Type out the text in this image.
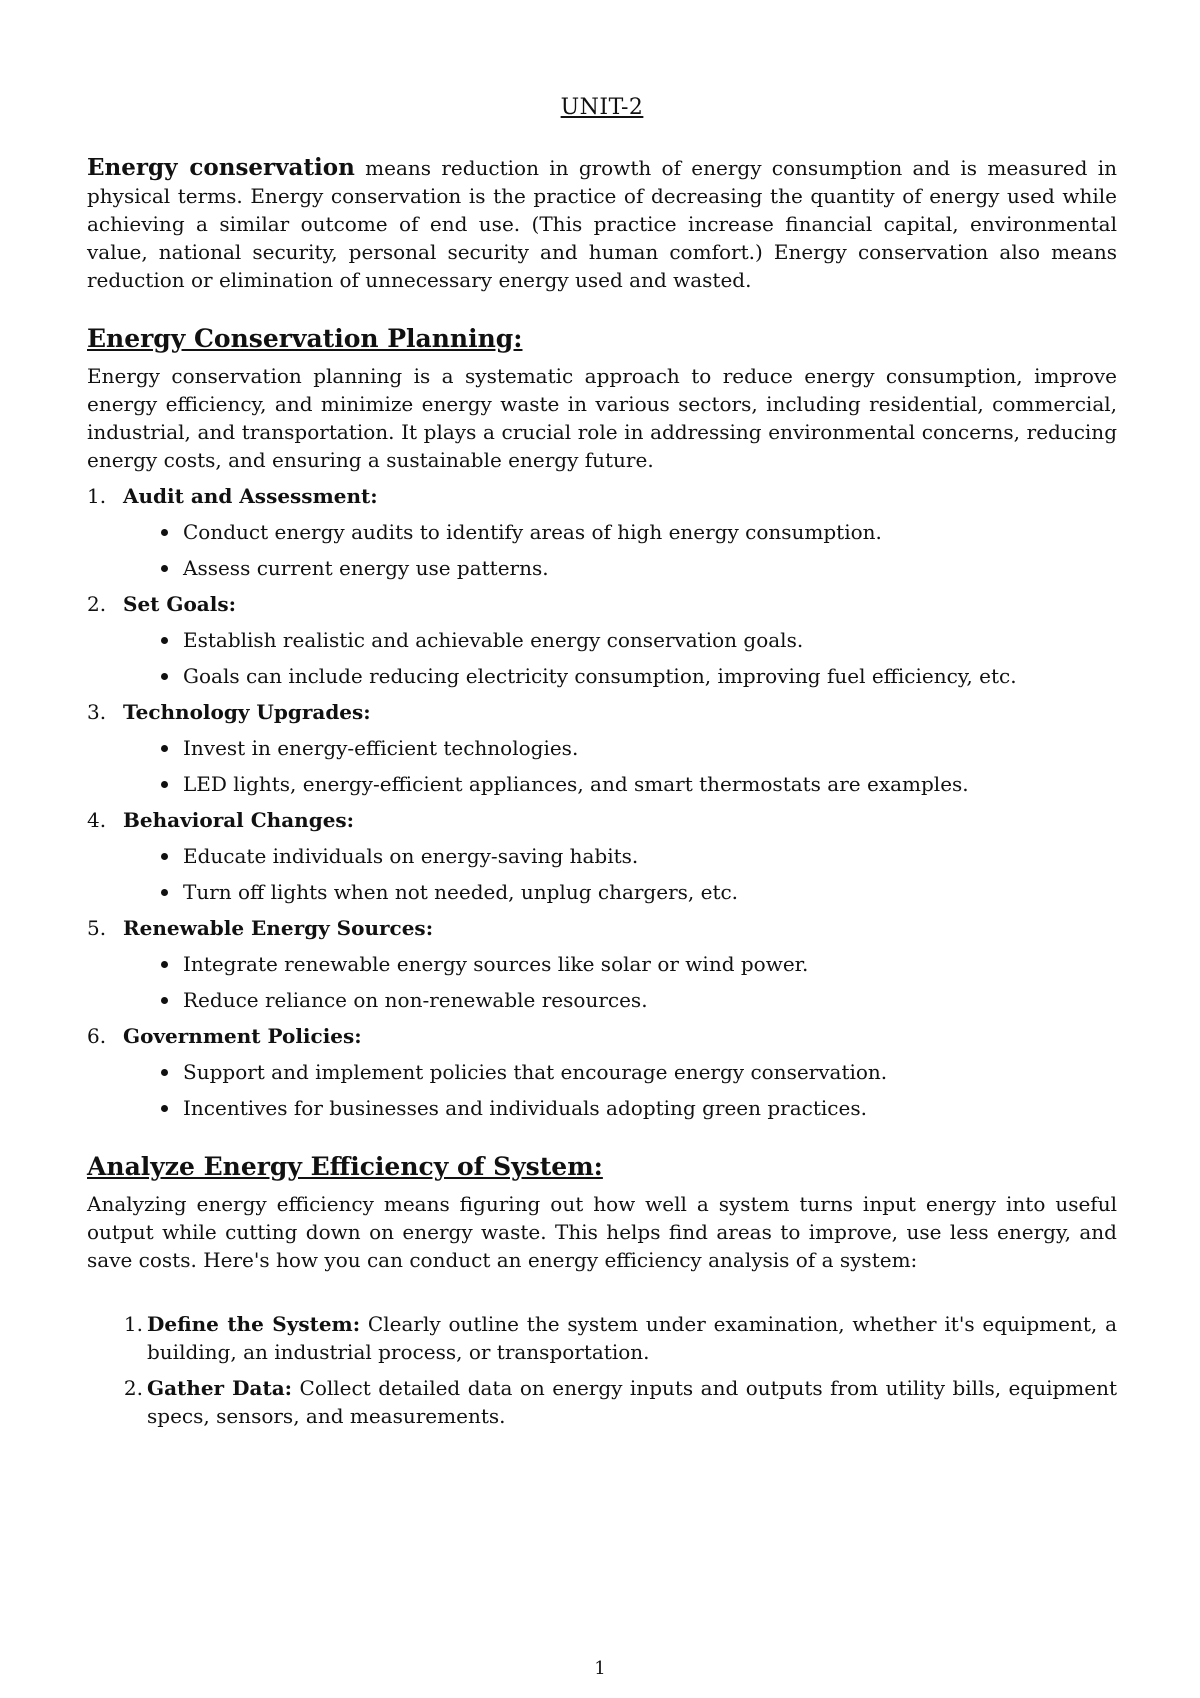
UNIT-2

Energy conservation means reduction in growth of energy consumption and is measured in physical terms. Energy conservation is the practice of decreasing the quantity of energy used while achieving a similar outcome of end use. (This practice increase financial capital, environmental value, national security, personal security and human comfort.) Energy conservation also means reduction or elimination of unnecessary energy used and wasted.

Energy Conservation Planning:

Energy conservation planning is a systematic approach to reduce energy consumption, improve energy efficiency, and minimize energy waste in various sectors, including residential, commercial, industrial, and transportation. It plays a crucial role in addressing environmental concerns, reducing energy costs, and ensuring a sustainable energy future.

1. Audit and Assessment:
Conduct energy audits to identify areas of high energy consumption.
Assess current energy use patterns.
2. Set Goals:
Establish realistic and achievable energy conservation goals.
Goals can include reducing electricity consumption, improving fuel efficiency, etc.
3. Technology Upgrades:
Invest in energy-efficient technologies.
LED lights, energy-efficient appliances, and smart thermostats are examples.
4. Behavioral Changes:
Educate individuals on energy-saving habits.
Turn off lights when not needed, unplug chargers, etc.
5. Renewable Energy Sources:
Integrate renewable energy sources like solar or wind power.
Reduce reliance on non-renewable resources.
6. Government Policies:
Support and implement policies that encourage energy conservation.
Incentives for businesses and individuals adopting green practices.
Analyze Energy Efficiency of System:

Analyzing energy efficiency means figuring out how well a system turns input energy into useful output while cutting down on energy waste. This helps find areas to improve, use less energy, and save costs. Here's how you can conduct an energy efficiency analysis of a system:

1. Define the System: Clearly outline the system under examination, whether it's equipment, a building, an industrial process, or transportation.
2. Gather Data: Collect detailed data on energy inputs and outputs from utility bills, equipment specs, sensors, and measurements.
1
